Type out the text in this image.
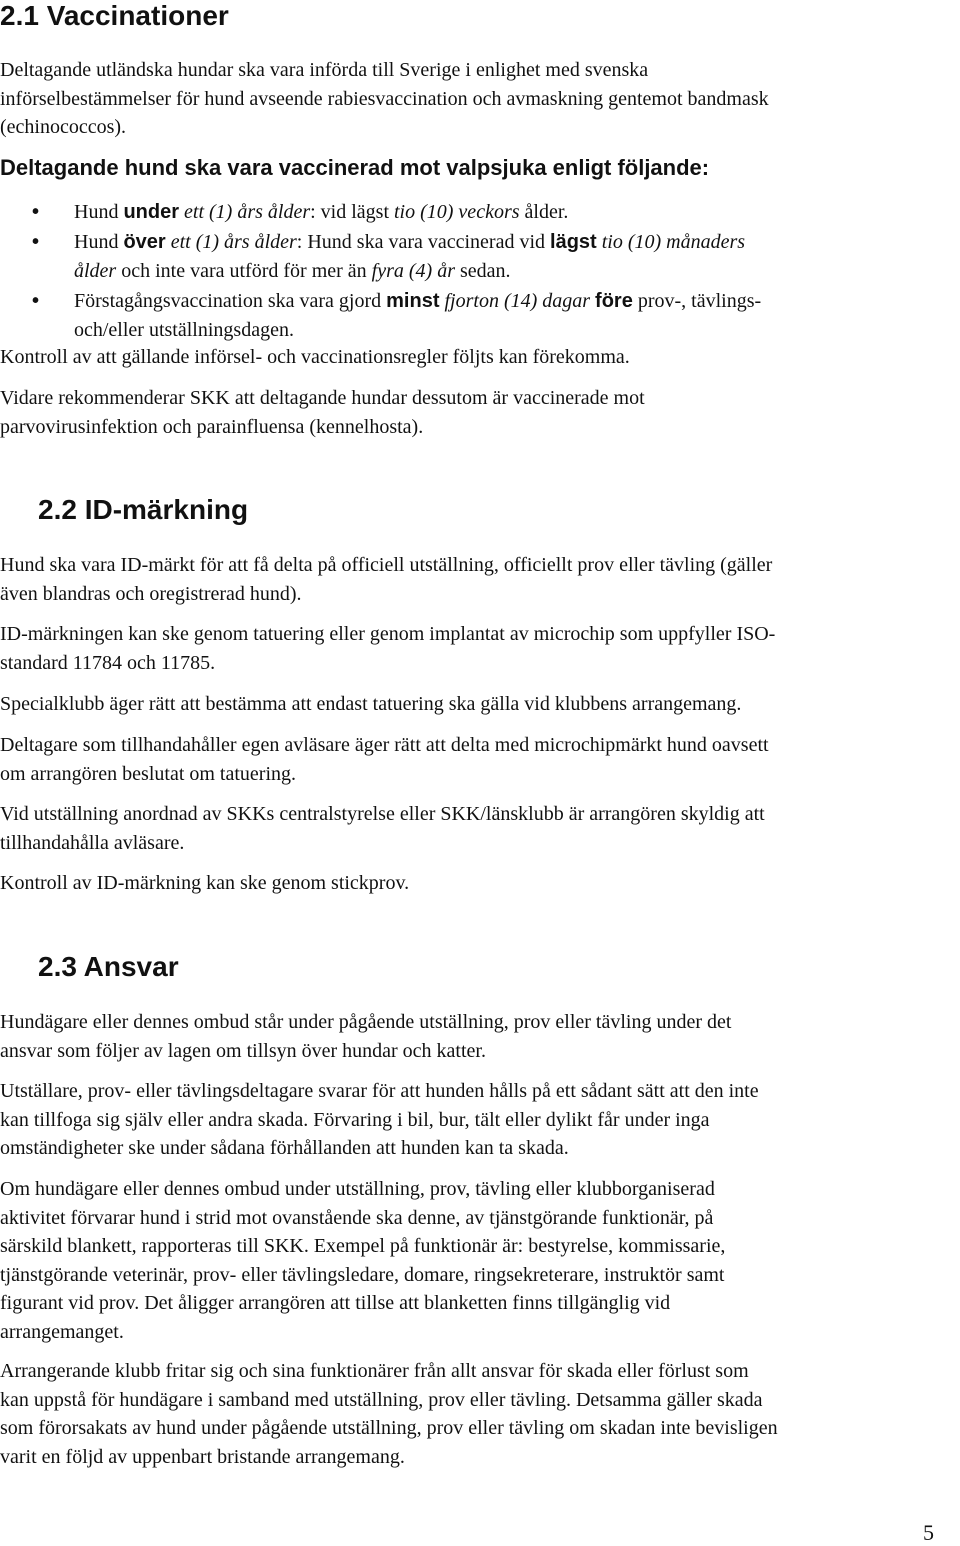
2.1 Vaccinationer

Deltagande utländska hundar ska vara införda till Sverige i enlighet med svenska
införselbestämmelser för hund avseende rabiesvaccination och avmaskning gentemot bandmask
(echinococcos).

Deltagande hund ska vara vaccinerad mot valpsjuka enligt följande:
• Hund under ett (1) års ålder: vid lägst tio (10) veckors ålder.
• Hund över ett (1) års ålder: Hund ska vara vaccinerad vid lägst tio (10) månaders
ålder och inte vara utförd för mer än fyra (4) år sedan.
• Förstagångsvaccination ska vara gjord minst fjorton (14) dagar före prov-, tävlings-
och/eller utställningsdagen.

Kontroll av att gällande införsel- och vaccinationsregler följts kan förekomma.

Vidare rekommenderar SKK att deltagande hundar dessutom är vaccinerade mot
parvovirusinfektion och parainfluensa (kennelhosta).

2.2 ID-märkning

Hund ska vara ID-märkt för att få delta på officiell utställning, officiellt prov eller tävling (gäller
även blandras och oregistrerad hund).

ID-märkningen kan ske genom tatuering eller genom implantat av microchip som uppfyller ISO-
standard 11784 och 11785.

Specialklubb äger rätt att bestämma att endast tatuering ska gälla vid klubbens arrangemang.

Deltagare som tillhandahåller egen avläsare äger rätt att delta med microchipmärkt hund oavsett
om arrangören beslutat om tatuering.

Vid utställning anordnad av SKKs centralstyrelse eller SKK/länsklubb är arrangören skyldig att
tillhandahålla avläsare.

Kontroll av ID-märkning kan ske genom stickprov.

2.3 Ansvar

Hundägare eller dennes ombud står under pågående utställning, prov eller tävling under det
ansvar som följer av lagen om tillsyn över hundar och katter.

Utställare, prov- eller tävlingsdeltagare svarar för att hunden hålls på ett sådant sätt att den inte
kan tillfoga sig själv eller andra skada. Förvaring i bil, bur, tält eller dylikt får under inga
omständigheter ske under sådana förhållanden att hunden kan ta skada.

Om hundägare eller dennes ombud under utställning, prov, tävling eller klubborganiserad
aktivitet förvarar hund i strid mot ovanstående ska denne, av tjänstgörande funktionär, på
särskild blankett, rapporteras till SKK. Exempel på funktionär är: bestyrelse, kommissarie,
tjänstgörande veterinär, prov- eller tävlingsledare, domare, ringsekreterare, instruktör samt
figurant vid prov. Det åligger arrangören att tillse att blanketten finns tillgänglig vid
arrangemanget.

Arrangerande klubb fritar sig och sina funktionärer från allt ansvar för skada eller förlust som
kan uppstå för hundägare i samband med utställning, prov eller tävling. Detsamma gäller skada
som förorsakats av hund under pågående utställning, prov eller tävling om skadan inte bevisligen
varit en följd av uppenbart bristande arrangemang.

5
